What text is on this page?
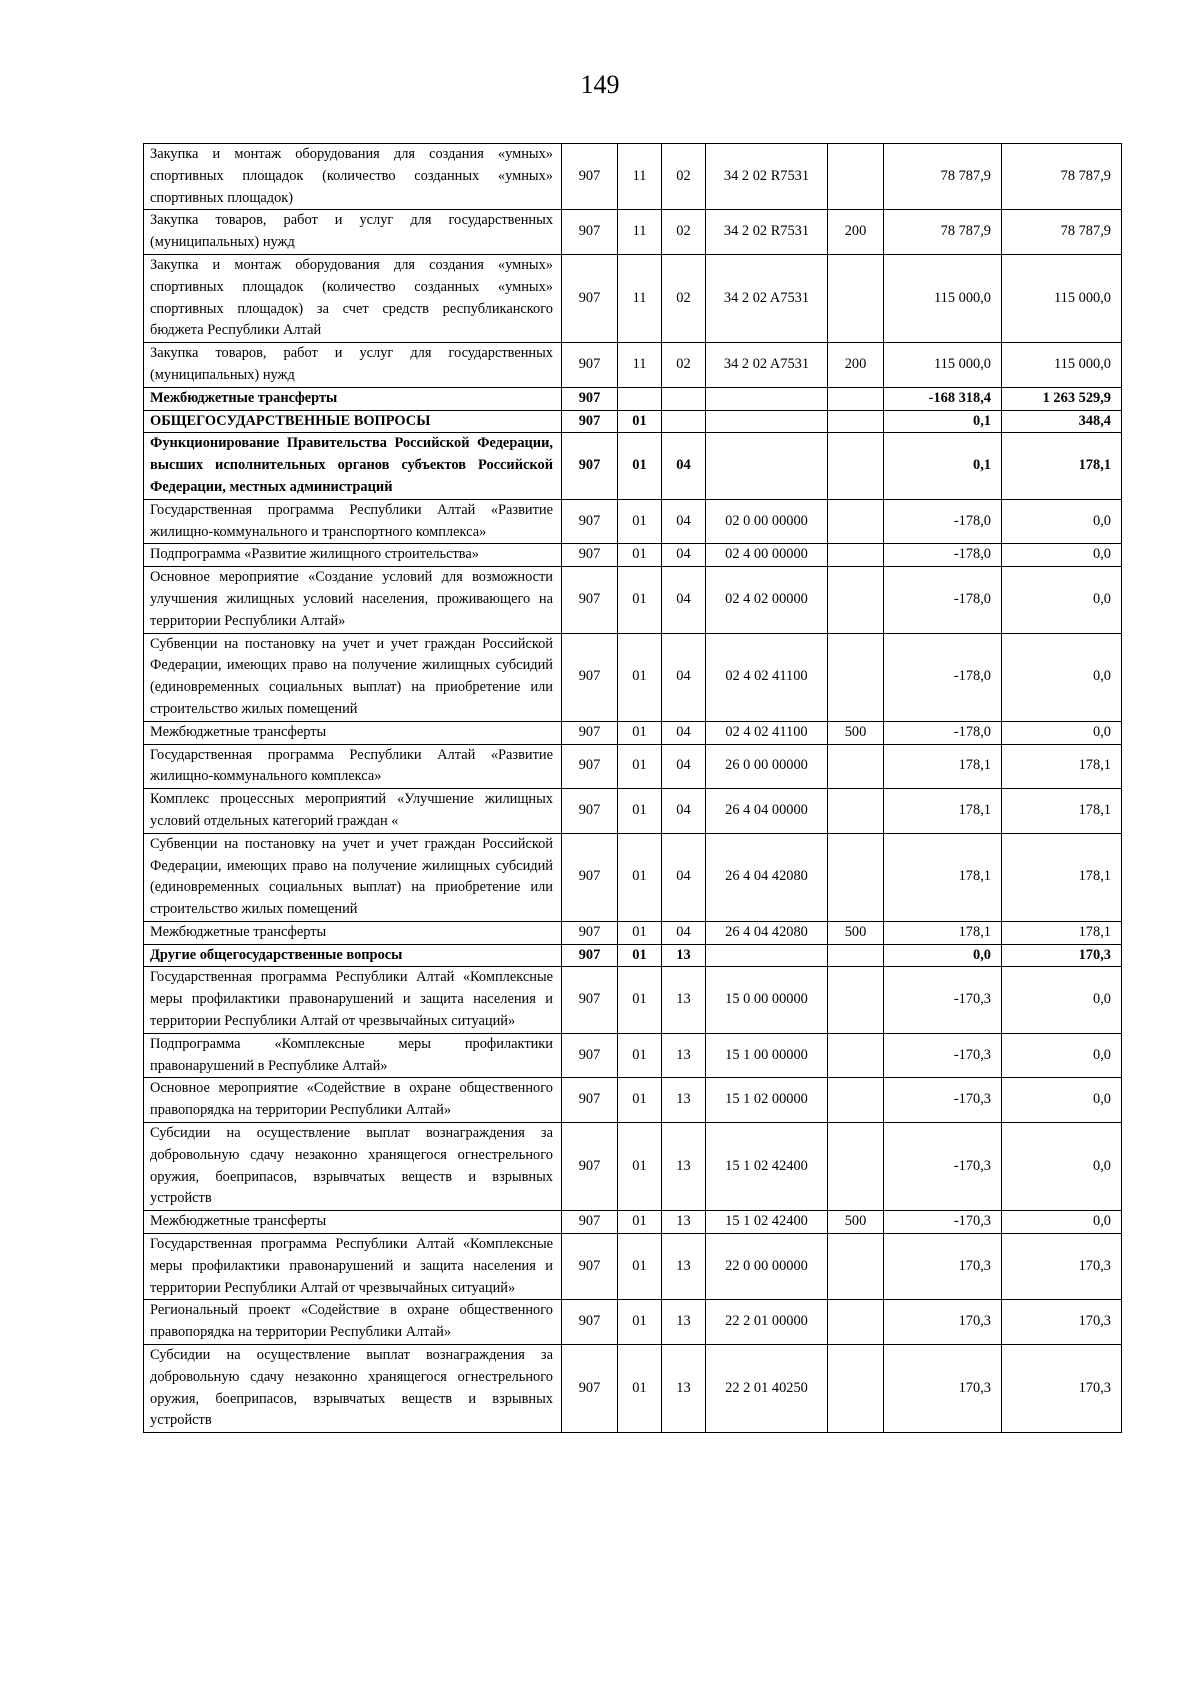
149
Закупка и монтаж оборудования для создания «умных» спортивных площадок (количество созданных «умных» спортивных площадок)	907	11	02	34 2 02 R7531		78 787,9	78 787,9
Закупка товаров, работ и услуг для государственных (муниципальных) нужд	907	11	02	34 2 02 R7531	200	78 787,9	78 787,9
Закупка и монтаж оборудования для создания «умных» спортивных площадок (количество созданных «умных» спортивных площадок) за счет средств республиканского бюджета Республики Алтай	907	11	02	34 2 02 A7531		115 000,0	115 000,0
Закупка товаров, работ и услуг для государственных (муниципальных) нужд	907	11	02	34 2 02 A7531	200	115 000,0	115 000,0
Межбюджетные трансферты	907					-168 318,4	1 263 529,9
ОБЩЕГОСУДАРСТВЕННЫЕ ВОПРОСЫ	907	01				0,1	348,4
Функционирование Правительства Российской Федерации, высших исполнительных органов субъектов Российской Федерации, местных администраций	907	01	04			0,1	178,1
Государственная программа Республики Алтай «Развитие жилищно-коммунального и транспортного комплекса»	907	01	04	02 0 00 00000		-178,0	0,0
Подпрограмма «Развитие жилищного строительства»	907	01	04	02 4 00 00000		-178,0	0,0
Основное мероприятие «Создание условий для возможности улучшения жилищных условий населения, проживающего на территории Республики Алтай»	907	01	04	02 4 02 00000		-178,0	0,0
Субвенции на постановку на учет и учет граждан Российской Федерации, имеющих право на получение жилищных субсидий (единовременных социальных выплат) на приобретение или строительство жилых помещений	907	01	04	02 4 02 41100		-178,0	0,0
Межбюджетные трансферты	907	01	04	02 4 02 41100	500	-178,0	0,0
Государственная программа Республики Алтай «Развитие жилищно-коммунального комплекса»	907	01	04	26 0 00 00000		178,1	178,1
Комплекс процессных мероприятий «Улучшение жилищных условий отдельных категорий граждан «	907	01	04	26 4 04 00000		178,1	178,1
Субвенции на постановку на учет и учет граждан Российской Федерации, имеющих право на получение жилищных субсидий (единовременных социальных выплат) на приобретение или строительство жилых помещений	907	01	04	26 4 04 42080		178,1	178,1
Межбюджетные трансферты	907	01	04	26 4 04 42080	500	178,1	178,1
Другие общегосударственные вопросы	907	01	13			0,0	170,3
Государственная программа Республики Алтай «Комплексные меры профилактики правонарушений и защита населения и территории Республики Алтай от чрезвычайных ситуаций»	907	01	13	15 0 00 00000		-170,3	0,0
Подпрограмма «Комплексные меры профилактики правонарушений в Республике Алтай»	907	01	13	15 1 00 00000		-170,3	0,0
Основное мероприятие «Содействие в охране общественного правопорядка на территории Республики Алтай»	907	01	13	15 1 02 00000		-170,3	0,0
Субсидии на осуществление выплат вознаграждения за добровольную сдачу незаконно хранящегося огнестрельного оружия, боеприпасов, взрывчатых веществ и взрывных устройств	907	01	13	15 1 02 42400		-170,3	0,0
Межбюджетные трансферты	907	01	13	15 1 02 42400	500	-170,3	0,0
Государственная программа Республики Алтай «Комплексные меры профилактики правонарушений и защита населения и территории Республики Алтай от чрезвычайных ситуаций»	907	01	13	22 0 00 00000		170,3	170,3
Региональный проект «Содействие в охране общественного правопорядка на территории Республики Алтай»	907	01	13	22 2 01 00000		170,3	170,3
Субсидии на осуществление выплат вознаграждения за добровольную сдачу незаконно хранящегося огнестрельного оружия, боеприпасов, взрывчатых веществ и взрывных устройств	907	01	13	22 2 01 40250		170,3	170,3
